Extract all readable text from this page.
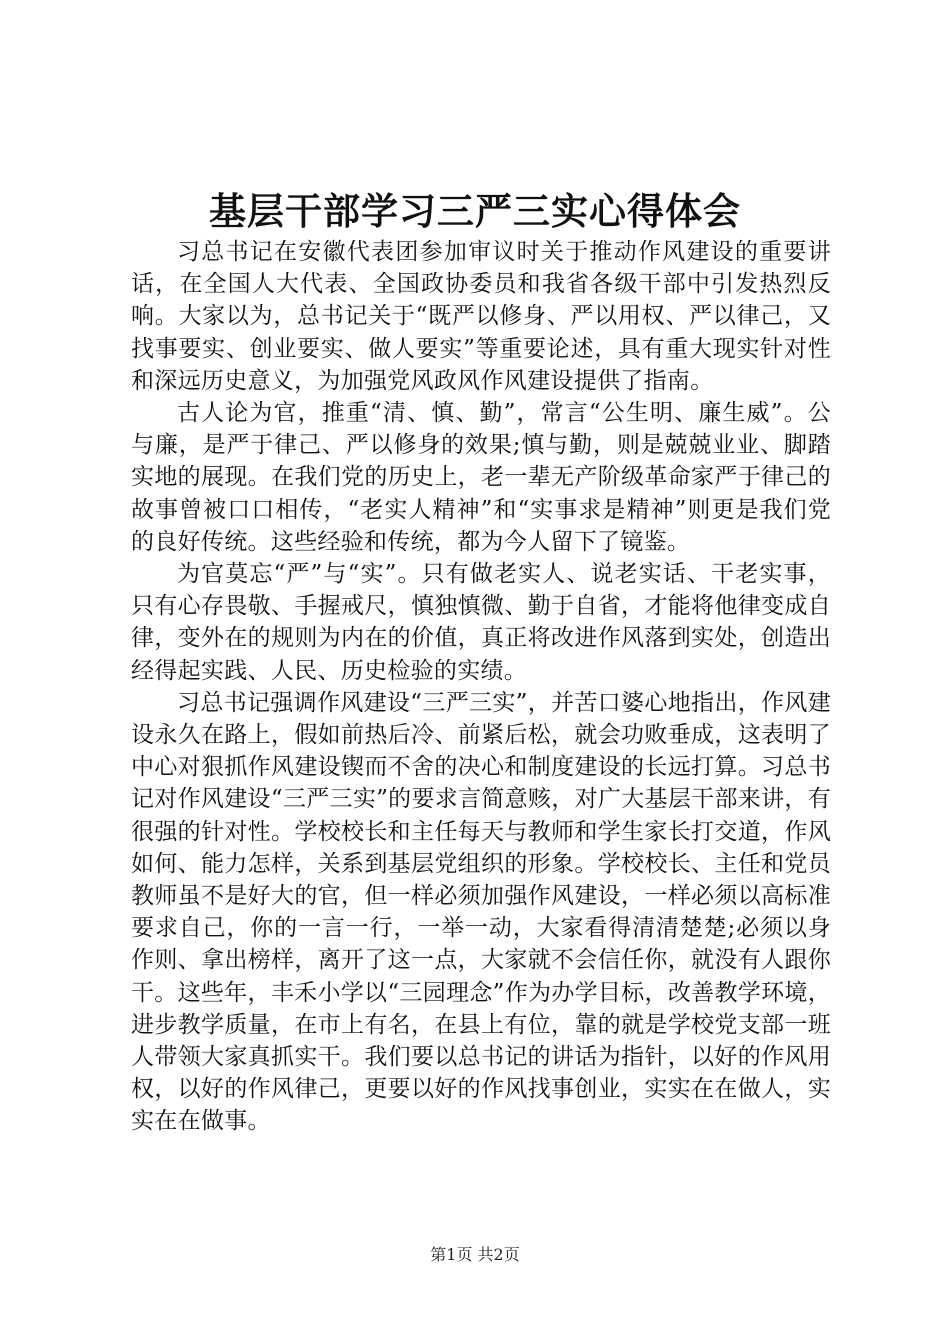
基层干部学习三严三实心得体会

习总书记在安徽代表团参加审议时关于推动作风建设的重要讲话，在全国人大代表、全国政协委员和我省各级干部中引发热烈反响。大家以为，总书记关于“既严以修身、严以用权、严以律己，又找事要实、创业要实、做人要实”等重要论述，具有重大现实针对性和深远历史意义，为加强党风政风作风建设提供了指南。

古人论为官，推重“清、慎、勤”，常言“公生明、廉生威”。公与廉，是严于律己、严以修身的效果;慎与勤，则是兢兢业业、脚踏实地的展现。在我们党的历史上，老一辈无产阶级革命家严于律己的故事曾被口口相传，“老实人精神”和“实事求是精神”则更是我们党的良好传统。这些经验和传统，都为今人留下了镜鉴。

为官莫忘“严”与“实”。只有做老实人、说老实话、干老实事，只有心存畏敬、手握戒尺，慎独慎微、勤于自省，才能将他律变成自律，变外在的规则为内在的价值，真正将改进作风落到实处，创造出经得起实践、人民、历史检验的实绩。

习总书记强调作风建设“三严三实”，并苦口婆心地指出，作风建设永久在路上，假如前热后冷、前紧后松，就会功败垂成，这表明了中心对狠抓作风建设锲而不舍的决心和制度建设的长远打算。习总书记对作风建设“三严三实”的要求言简意赅，对广大基层干部来讲，有很强的针对性。学校校长和主任每天与教师和学生家长打交道，作风如何、能力怎样，关系到基层党组织的形象。学校校长、主任和党员教师虽不是好大的官，但一样必须加强作风建设，一样必须以高标准要求自己，你的一言一行，一举一动，大家看得清清楚楚;必须以身作则、拿出榜样，离开了这一点，大家就不会信任你，就没有人跟你干。这些年，丰禾小学以“三园理念”作为办学目标，改善教学环境，进步教学质量，在市上有名，在县上有位，靠的就是学校党支部一班人带领大家真抓实干。我们要以总书记的讲话为指针，以好的作风用权，以好的作风律己，更要以好的作风找事创业，实实在在做人，实实在在做事。

第1页 共2页
